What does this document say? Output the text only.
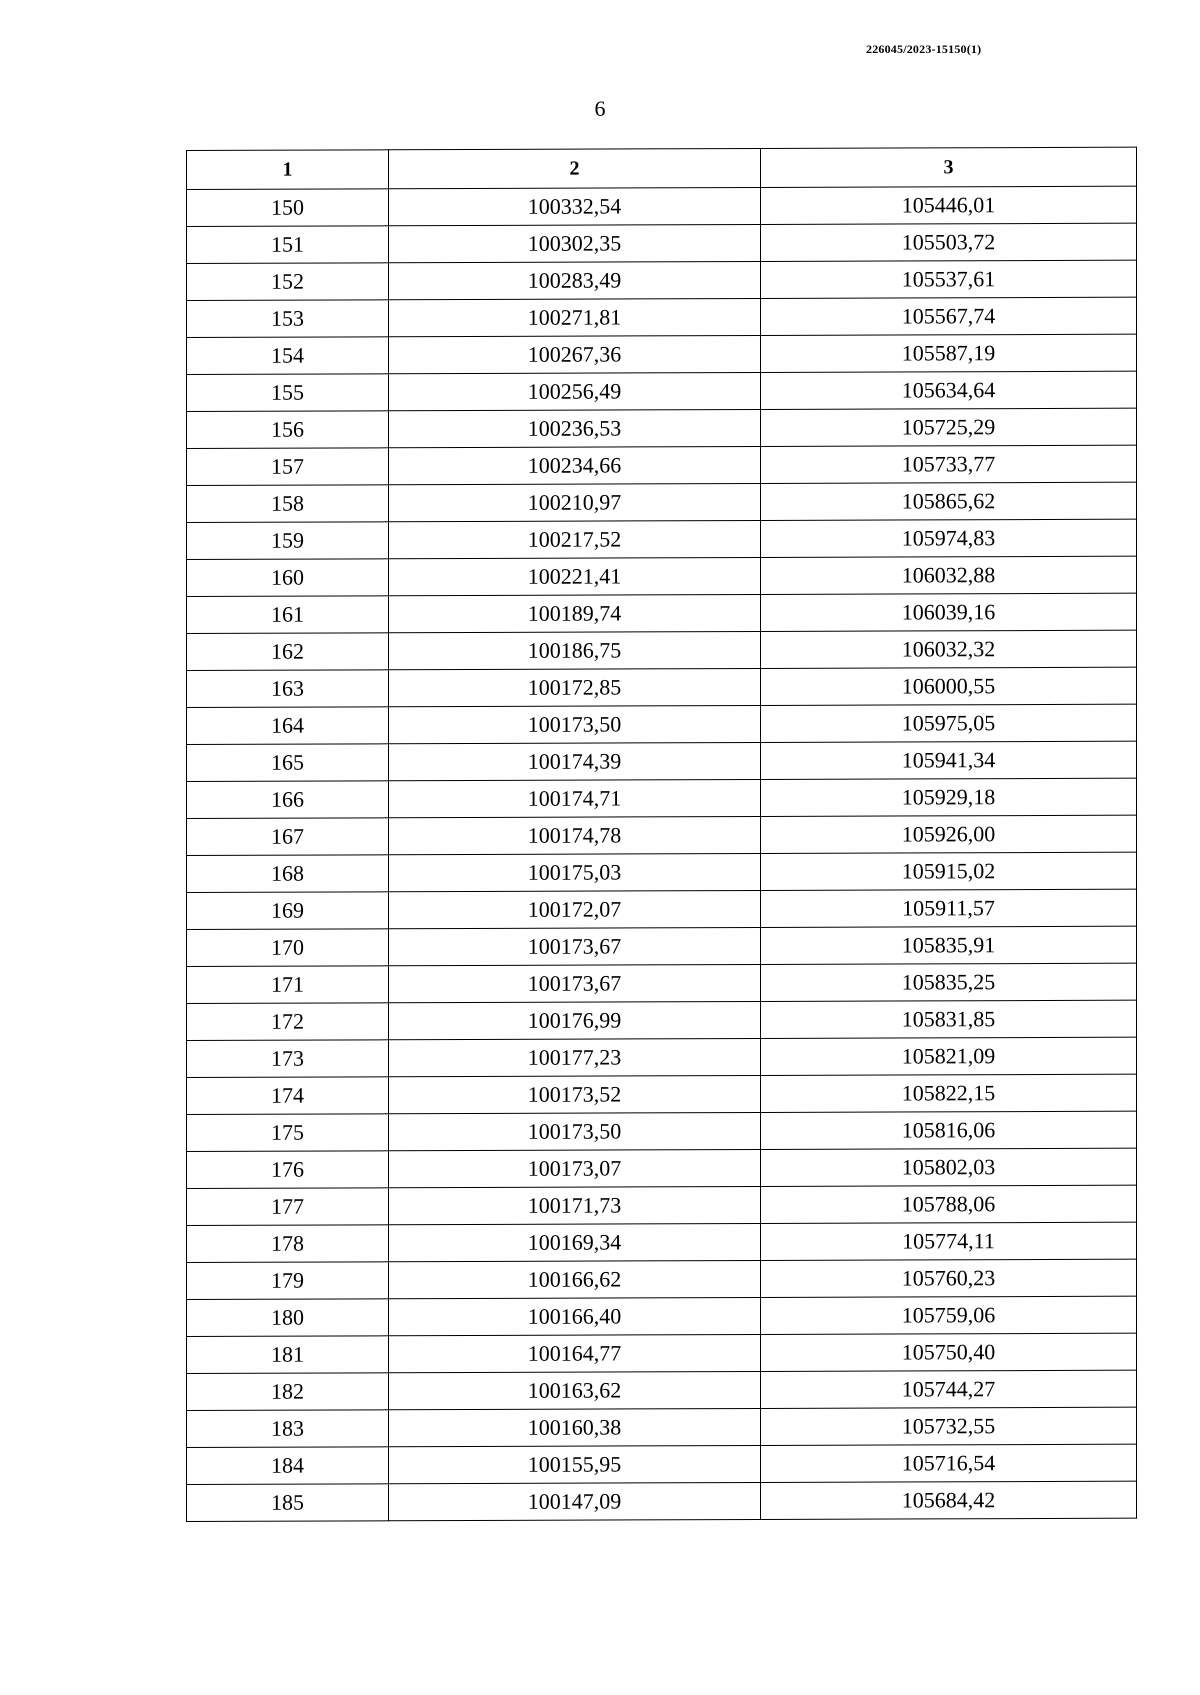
226045/2023-15150(1)
6
1	2	3
150	100332,54	105446,01
151	100302,35	105503,72
152	100283,49	105537,61
153	100271,81	105567,74
154	100267,36	105587,19
155	100256,49	105634,64
156	100236,53	105725,29
157	100234,66	105733,77
158	100210,97	105865,62
159	100217,52	105974,83
160	100221,41	106032,88
161	100189,74	106039,16
162	100186,75	106032,32
163	100172,85	106000,55
164	100173,50	105975,05
165	100174,39	105941,34
166	100174,71	105929,18
167	100174,78	105926,00
168	100175,03	105915,02
169	100172,07	105911,57
170	100173,67	105835,91
171	100173,67	105835,25
172	100176,99	105831,85
173	100177,23	105821,09
174	100173,52	105822,15
175	100173,50	105816,06
176	100173,07	105802,03
177	100171,73	105788,06
178	100169,34	105774,11
179	100166,62	105760,23
180	100166,40	105759,06
181	100164,77	105750,40
182	100163,62	105744,27
183	100160,38	105732,55
184	100155,95	105716,54
185	100147,09	105684,42
